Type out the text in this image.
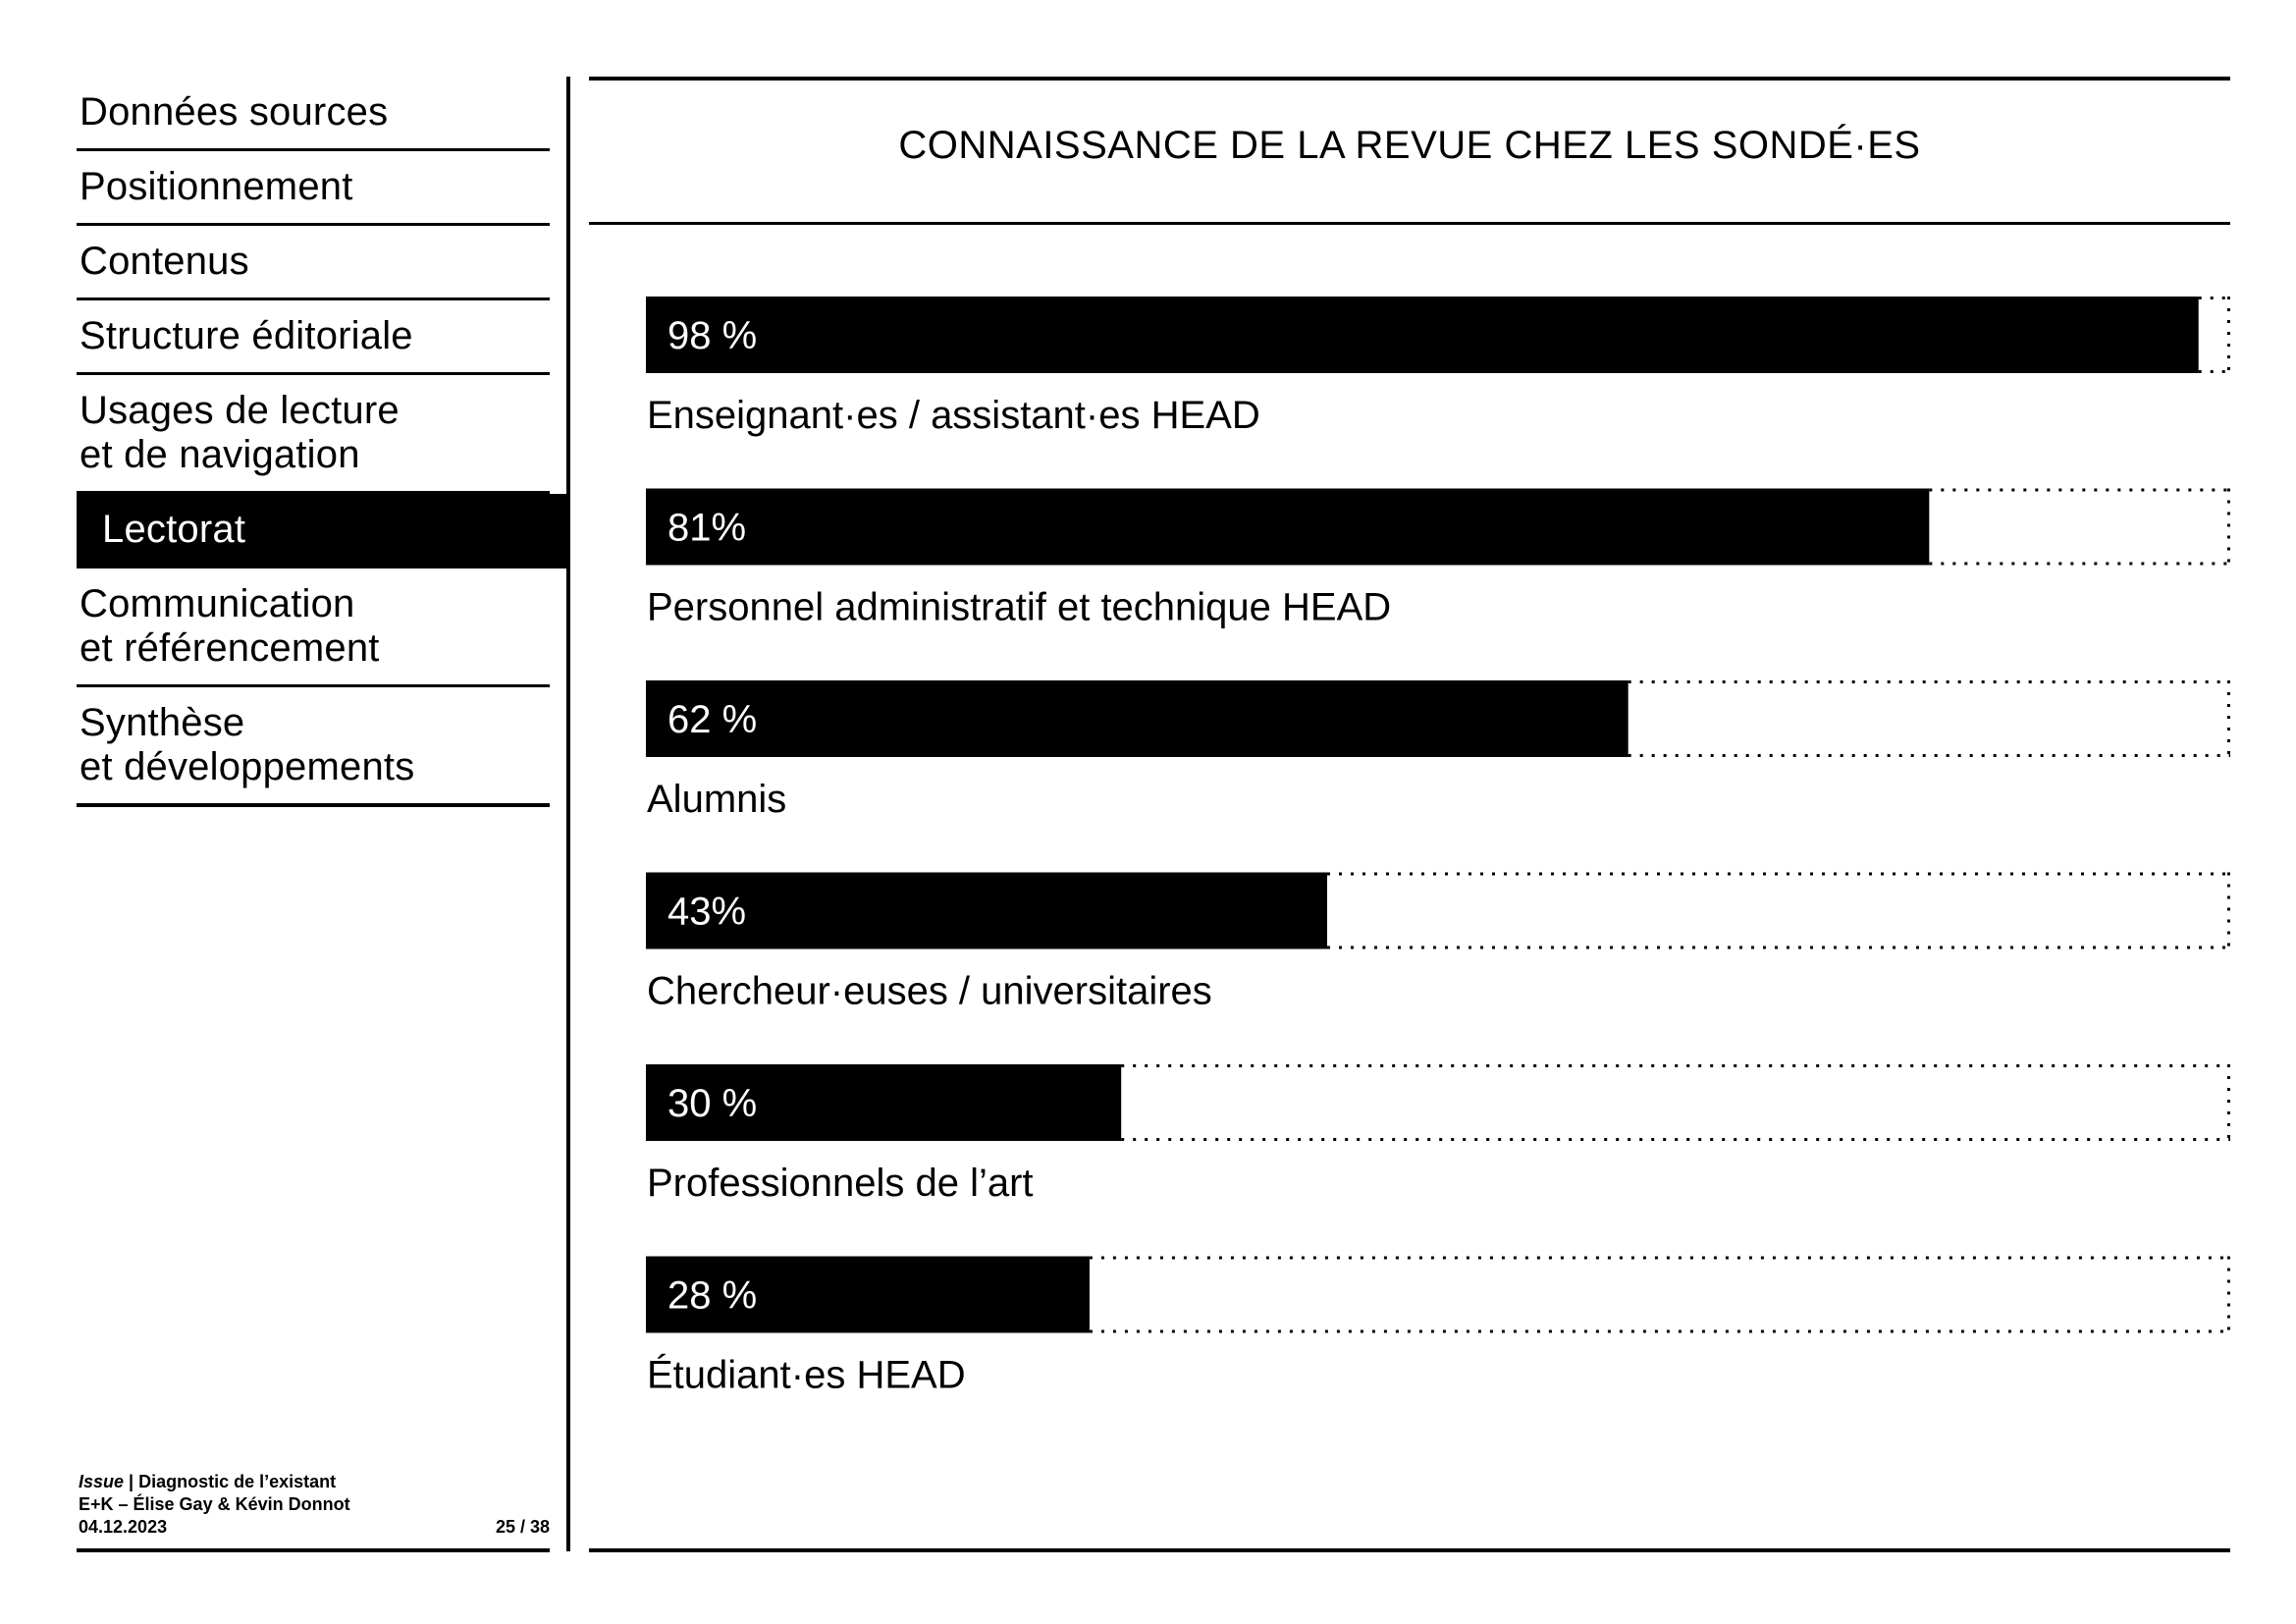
Données sources
Positionnement
Contenus
Structure éditoriale
Usages de lecture
et de navigation
Lectorat
Communication
et référencement
Synthèse
et développements
CONNAISSANCE DE LA REVUE CHEZ LES SONDÉ·ES
Issue | Diagnostic de l’existant
E+K – Élise Gay & Kévin Donnot
04.12.2023	25 / 38
98 %
Enseignant·es / assistant·es HEAD
81%
Personnel administratif et technique HEAD
62 %
Alumnis
43%
Chercheur·euses / universitaires
30 %
Professionnels de l’art
28 %
Étudiant·es HEAD
